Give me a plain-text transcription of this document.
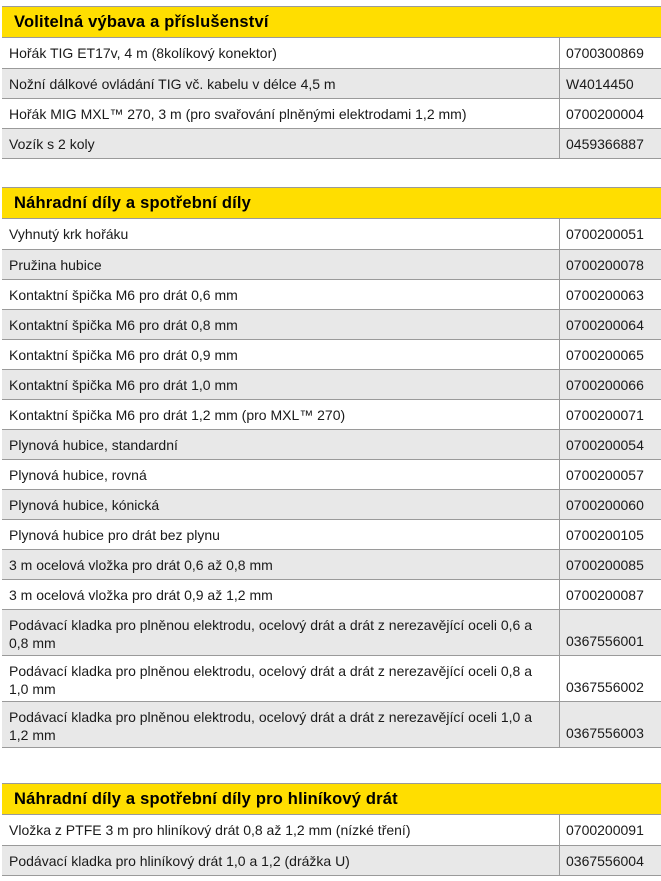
Volitelná výbava a příslušenství
Hořák TIG ET17v, 4 m (8kolíkový konektor)	0700300869
Nožní dálkové ovládání TIG vč. kabelu v délce 4,5 m	W4014450
Hořák MIG MXL™ 270, 3 m (pro svařování plněnými elektrodami 1,2 mm)	0700200004
Vozík s 2 koly	0459366887
Náhradní díly a spotřební díly
Vyhnutý krk hořáku	0700200051
Pružina hubice	0700200078
Kontaktní špička M6 pro drát 0,6 mm	0700200063
Kontaktní špička M6 pro drát 0,8 mm	0700200064
Kontaktní špička M6 pro drát 0,9 mm	0700200065
Kontaktní špička M6 pro drát 1,0 mm	0700200066
Kontaktní špička M6 pro drát 1,2 mm (pro MXL™ 270)	0700200071
Plynová hubice, standardní	0700200054
Plynová hubice, rovná	0700200057
Plynová hubice, kónická	0700200060
Plynová hubice pro drát bez plynu	0700200105
3 m ocelová vložka pro drát 0,6 až 0,8 mm	0700200085
3 m ocelová vložka pro drát 0,9 až 1,2 mm	0700200087
Podávací kladka pro plněnou elektrodu, ocelový drát a drát z nerezavějící oceli 0,6 a 0,8 mm	0367556001
Podávací kladka pro plněnou elektrodu, ocelový drát a drát z nerezavějící oceli 0,8 a 1,0 mm	0367556002
Podávací kladka pro plněnou elektrodu, ocelový drát a drát z nerezavějící oceli 1,0 a 1,2 mm	0367556003
Náhradní díly a spotřební díly pro hliníkový drát
Vložka z PTFE 3 m pro hliníkový drát 0,8 až 1,2 mm (nízké tření)	0700200091
Podávací kladka pro hliníkový drát 1,0 a 1,2 (drážka U)	0367556004
